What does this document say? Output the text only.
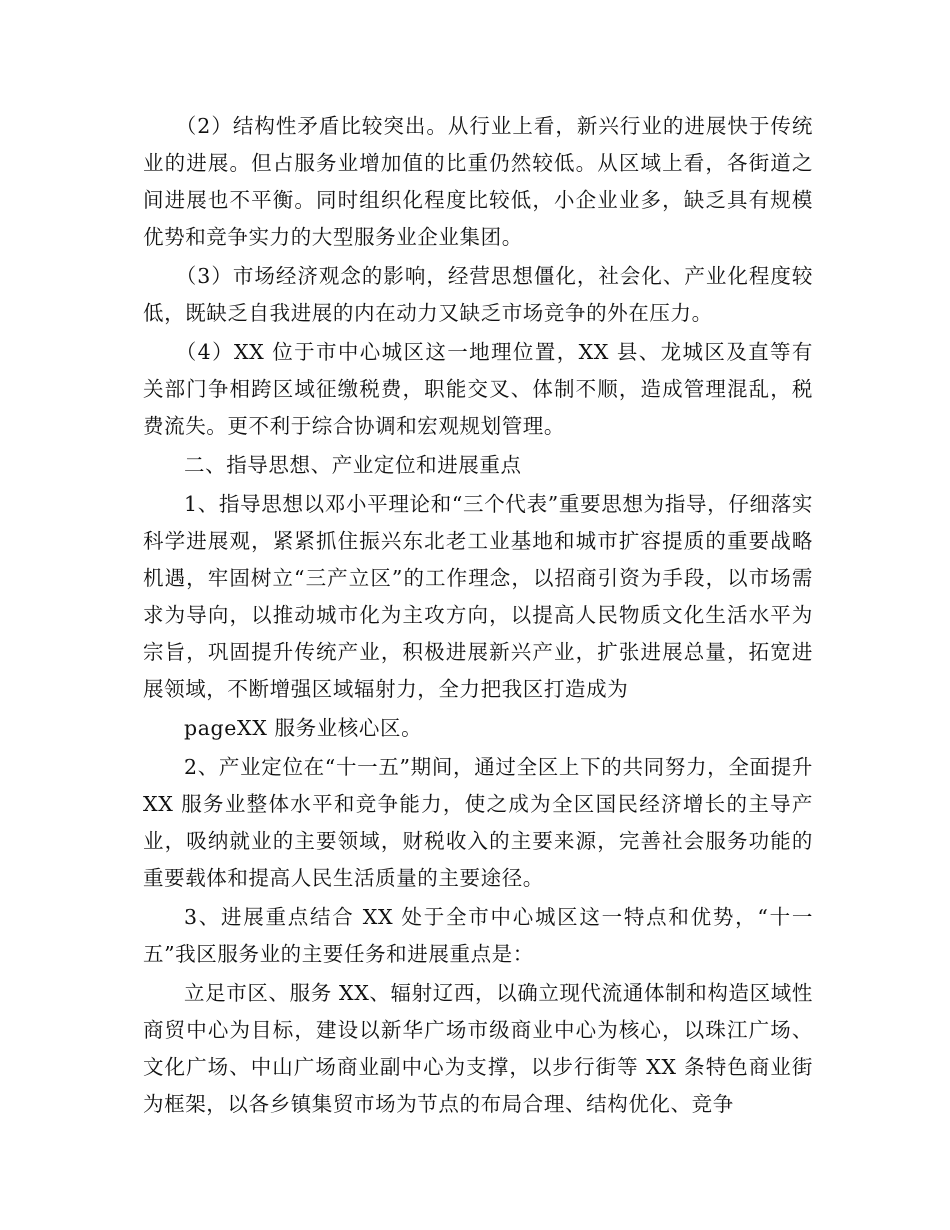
（2）结构性矛盾比较突出。从行业上看，新兴行业的进展快于传统业的进展。但占服务业增加值的比重仍然较低。从区域上看，各街道之间进展也不平衡。同时组织化程度比较低，小企业业多，缺乏具有规模优势和竞争实力的大型服务业企业集团。

（3）市场经济观念的影响，经营思想僵化，社会化、产业化程度较低，既缺乏自我进展的内在动力又缺乏市场竞争的外在压力。

（4）XX 位于市中心城区这一地理位置，XX 县、龙城区及直等有关部门争相跨区域征缴税费，职能交叉、体制不顺，造成管理混乱，税费流失。更不利于综合协调和宏观规划管理。

二、指导思想、产业定位和进展重点

1、指导思想以邓小平理论和“三个代表”重要思想为指导，仔细落实科学进展观，紧紧抓住振兴东北老工业基地和城市扩容提质的重要战略机遇，牢固树立“三产立区”的工作理念，以招商引资为手段，以市场需求为导向，以推动城市化为主攻方向，以提高人民物质文化生活水平为宗旨，巩固提升传统产业，积极进展新兴产业，扩张进展总量，拓宽进展领域，不断增强区域辐射力，全力把我区打造成为

pageXX 服务业核心区。

2、产业定位在“十一五”期间，通过全区上下的共同努力，全面提升 XX 服务业整体水平和竞争能力，使之成为全区国民经济增长的主导产业，吸纳就业的主要领域，财税收入的主要来源，完善社会服务功能的重要载体和提高人民生活质量的主要途径。

3、进展重点结合 XX 处于全市中心城区这一特点和优势，“十一五”我区服务业的主要任务和进展重点是：

立足市区、服务 XX、辐射辽西，以确立现代流通体制和构造区域性商贸中心为目标，建设以新华广场市级商业中心为核心，以珠江广场、文化广场、中山广场商业副中心为支撑，以步行街等 XX 条特色商业街为框架，以各乡镇集贸市场为节点的布局合理、结构优化、竞争
